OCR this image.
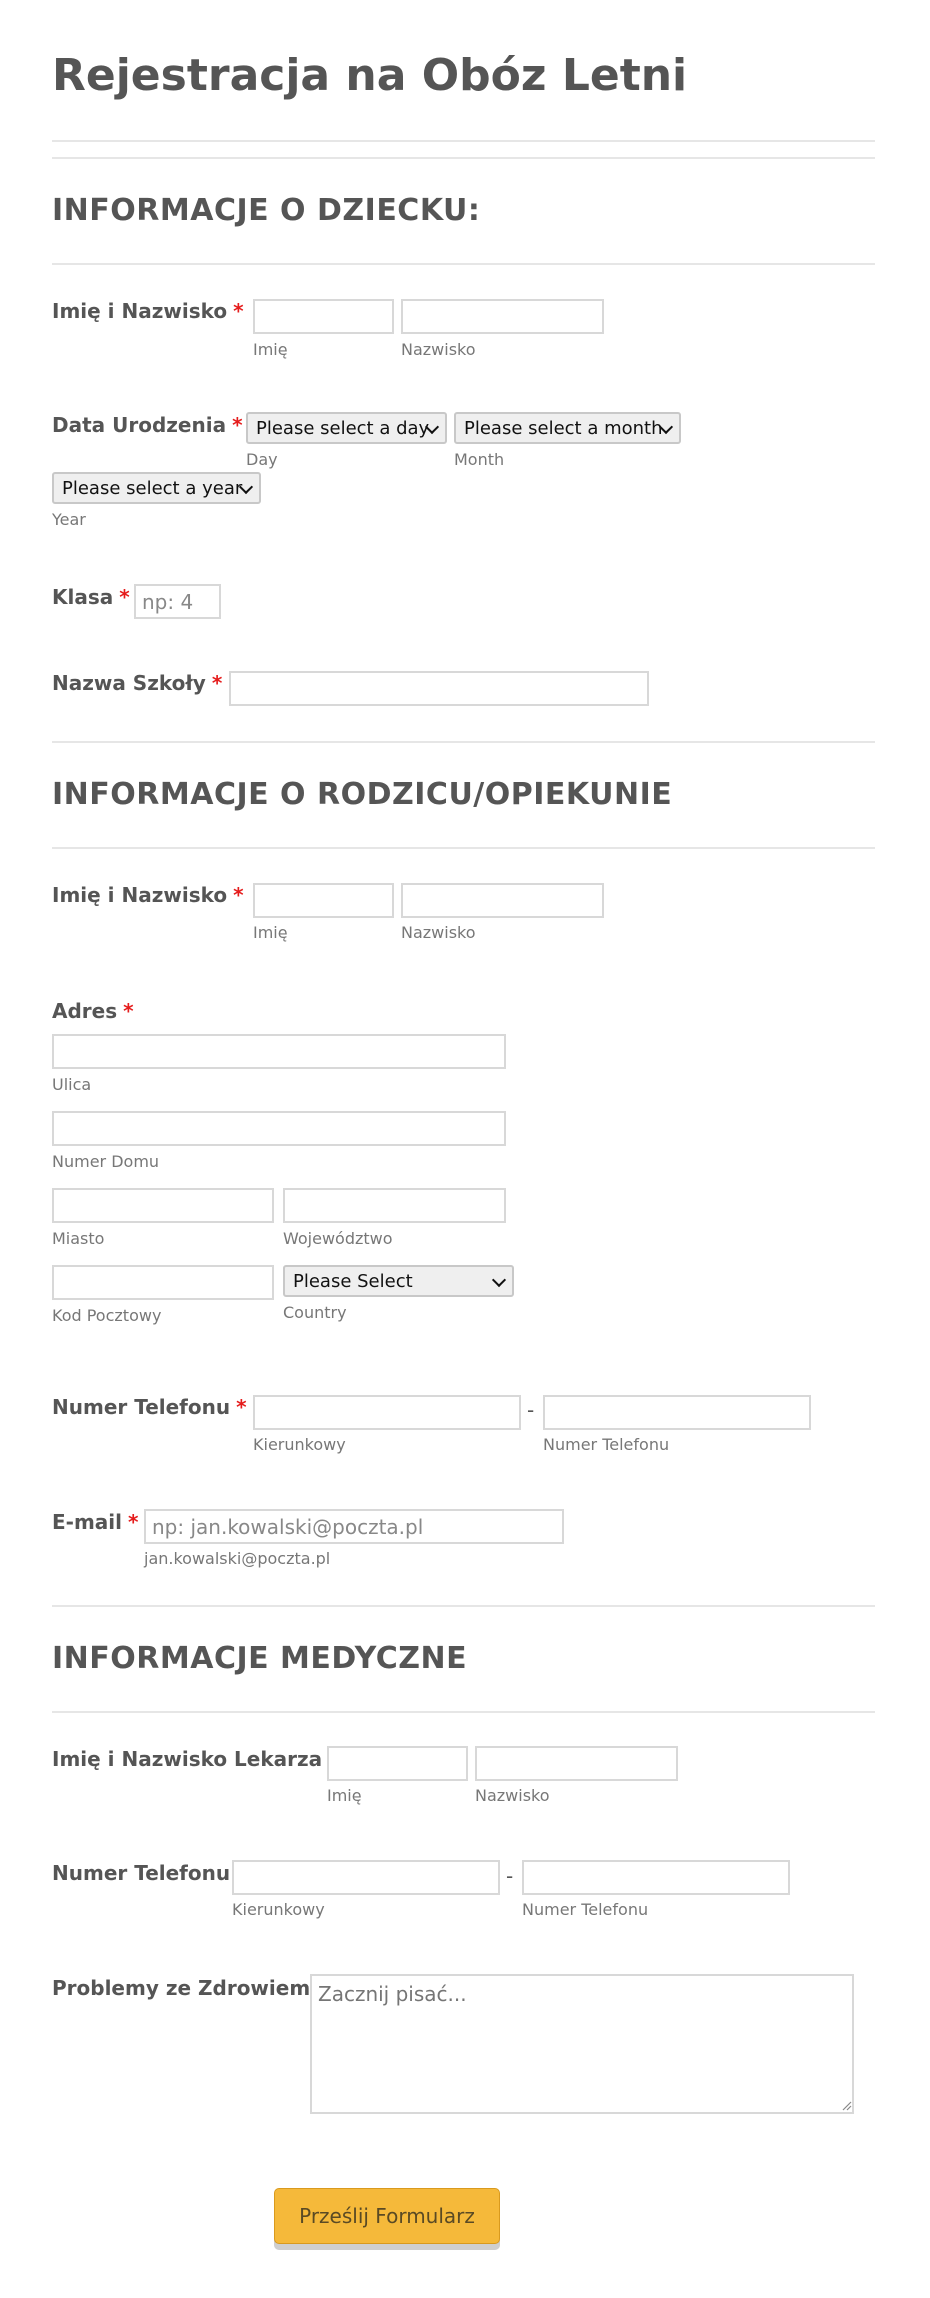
Rejestracja na Obóz Letni
INFORMACJE O DZIECKU:
Imię i Nazwisko *
Imię	Nazwisko
Data Urodzenia * Please select a day
Day
Please select a month
Month
Please select a year
Year
Klasa *
np: 4
Nazwa Szkoły *
INFORMACJE O RODZICU/OPIEKUNIE
Imię i Nazwisko *
Imię	Nazwisko
Adres *
Ulica
Numer Domu
Miasto	Województwo
Kod Pocztowy
Please Select
Country
Numer Telefonu *
Kierunkowy
-
Numer Telefonu
E-mail *
np: jan.kowalski@poczta.pl
jan.kowalski@poczta.pl
INFORMACJE MEDYCZNE
Imię i Nazwisko Lekarza
Imię	Nazwisko
Numer Telefonu
Kierunkowy
-
Numer Telefonu
Problemy ze Zdrowiem
Zacznij pisać...
Prześlij Formularz
